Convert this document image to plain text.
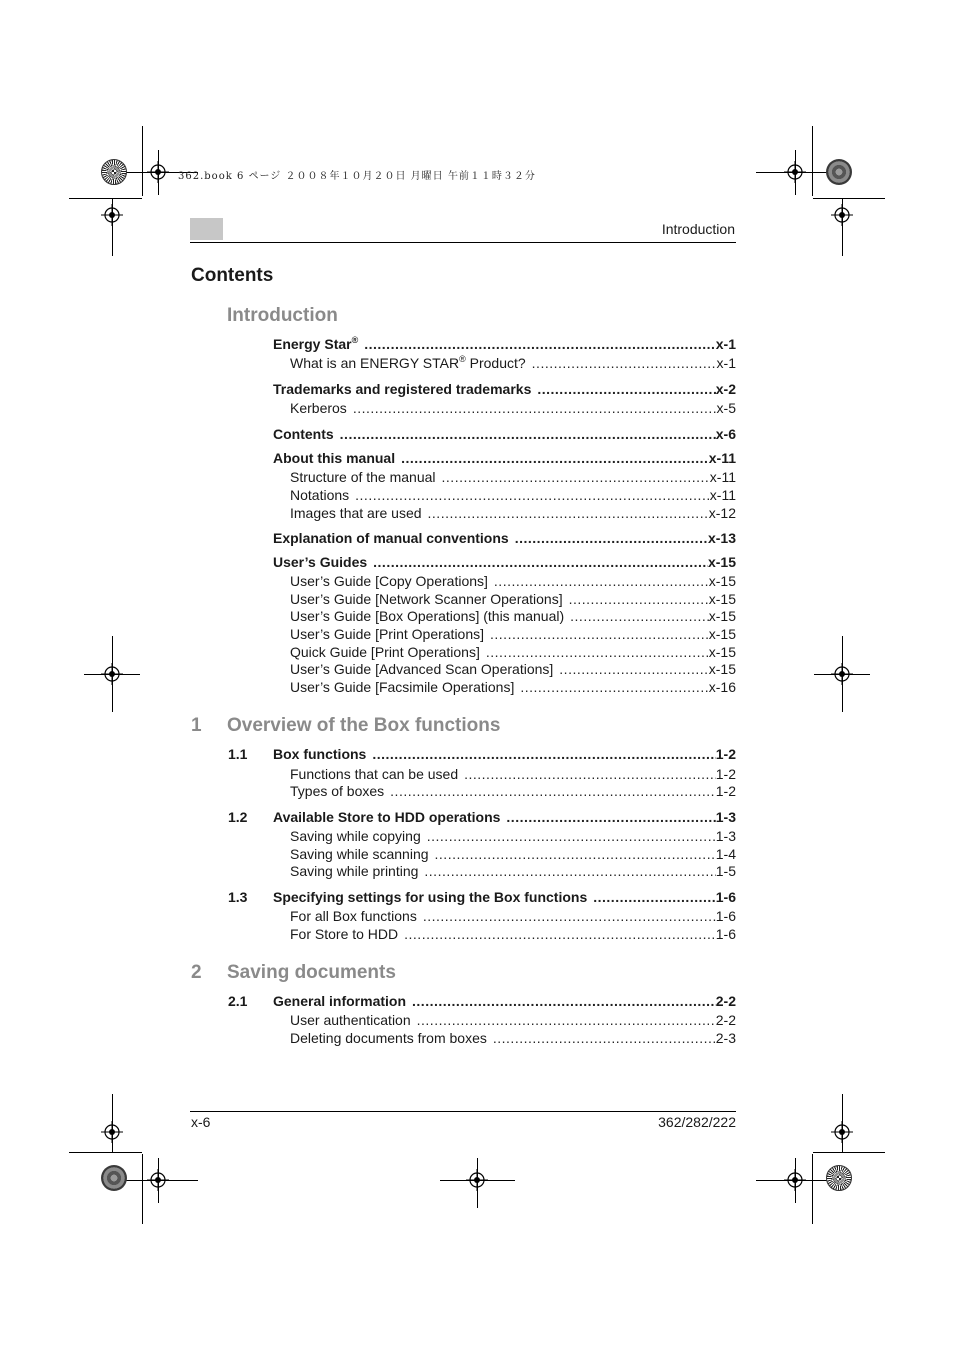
362.book 6 ページ ２００８年１０月２０日 月曜日 午前１１時３２分
Introduction
Contents
Introduction
1 Overview of the Box functions
2 Saving documents
Energy Star® .....	x-1
What is an ENERGY STAR® Product? .....	x-1
Trademarks and registered trademarks .....	x-2
Kerberos .....	x-5
Contents .....	x-6
About this manual .....	x-11
Structure of the manual .....	x-11
Notations .....	x-11
Images that are used .....	x-12
Explanation of manual conventions .....	x-13
User’s Guides .....	x-15
User’s Guide [Copy Operations] .....	x-15
User’s Guide [Network Scanner Operations] .....	x-15
User’s Guide [Box Operations] (this manual) .....	x-15
User’s Guide [Print Operations] .....	x-15
Quick Guide [Print Operations] .....	x-15
User’s Guide [Advanced Scan Operations] .....	x-15
User’s Guide [Facsimile Operations] .....	x-16
1.1 Box functions .....	1-2
Functions that can be used .....	1-2
Types of boxes .....	1-2
1.2 Available Store to HDD operations .....	1-3
Saving while copying .....	1-3
Saving while scanning .....	1-4
Saving while printing .....	1-5
1.3 Specifying settings for using the Box functions .....	1-6
For all Box functions .....	1-6
For Store to HDD .....	1-6
2.1 General information .....	2-2
User authentication .....	2-2
Deleting documents from boxes .....	2-3
x-6	362/282/222
